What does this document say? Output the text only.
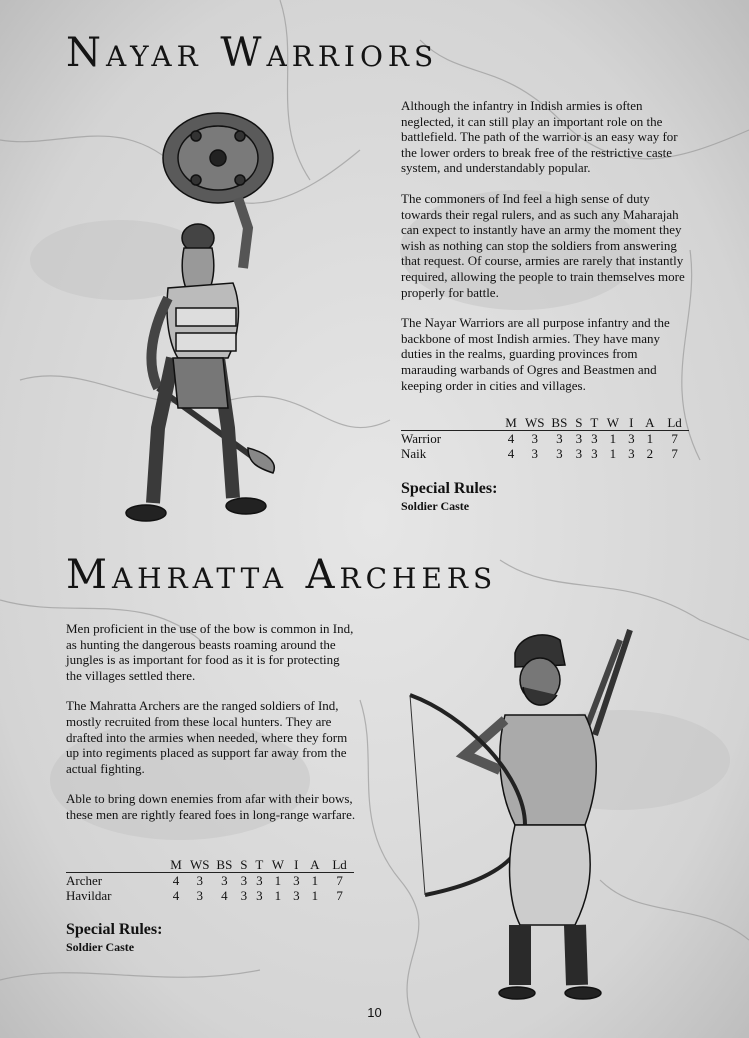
Nayar Warriors

Although the infantry in Indish armies is often neglected, it can still play an important role on the battlefield. The path of the warrior is an easy way for the lower orders to break free of the restrictive caste system, and understandably popular.

The commoners of Ind feel a high sense of duty towards their regal rulers, and as such any Maharajah can expect to instantly have an army the moment they wish as nothing can stop the soldiers from answering that request. Of course, armies are rarely that instantly required, allowing the people to train themselves more properly for battle.

The Nayar Warriors are all purpose infantry and the backbone of most Indish armies. They have many duties in the realms, guarding provinces from marauding warbands of Ogres and Beastmen and keeping order in cities and villages.

	M	WS	BS	S	T	W	I	A	Ld
Warrior	4	3	3	3	3	1	3	1	7
Naik	4	3	3	3	3	1	3	2	7
Special Rules:
Soldier Caste
Mahratta Archers

Men proficient in the use of the bow is common in Ind, as hunting the dangerous beasts roaming around the jungles is as important for food as it is for protecting the villages settled there.

The Mahratta Archers are the ranged soldiers of Ind, mostly recruited from these local hunters. They are drafted into the armies when needed, where they form up into regiments placed as support far away from the actual fighting.

Able to bring down enemies from afar with their bows, these men are rightly feared foes in long-range warfare.

	M	WS	BS	S	T	W	I	A	Ld
Archer	4	3	3	3	3	1	3	1	7
Havildar	4	3	4	3	3	1	3	1	7
Special Rules:
Soldier Caste
10
